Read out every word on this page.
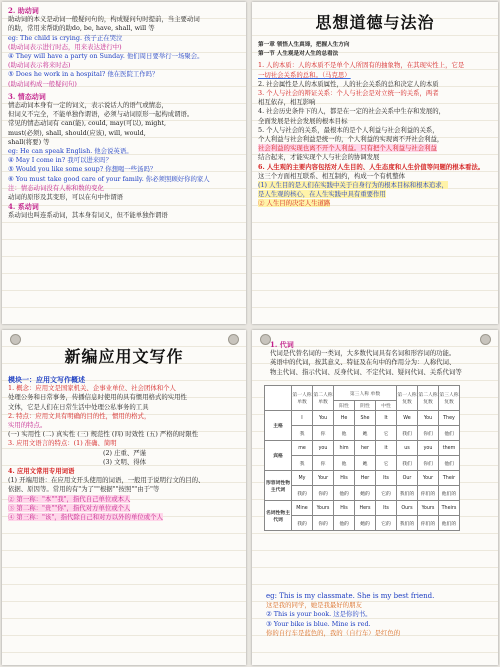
2. 助动词
助动词的本义是动词一般疑问句的，构成疑问句时提前，当主要动词
的助，常用来帮助的助do, be, have, shall, will 等
eg: The child is crying. 孩子正在哭泣
(助动词表示进行时态，用来表达进行中)
④ They will have a party on Sunday. 他们周日要举行一场聚会。
(助动词表示将来时态)
⑤ Does he work in a hospital? 他在医院工作吗？
(助动词构成一般疑问句)
3. 情态动词
情态动词本身有一定的词义，表示说话人的语气或情态，
但词义不完全，不能单独作谓语，必须与动词原形一起构成谓语。
常见的情态动词有 can(能), could, may(可以), might,
must(必须), shall, should(应该), will, would,
shall(将要) 等
eg: He can speak English. 他会说英语。
④ May I come in? 我可以进来吗？
⑤ Would you like some soup? 你想喝一些汤吗？
⑥ You must take good care of your family. 你必须照顾好你的家人
注：情态动词没有人称和数的变化
动词的原形及其变形，可以在句中作谓语
4. 系动词
系动词也叫连系动词，其本身有词义，但不能单独作谓语
思想道德与法治
第一章 领悟人生真谛，把握人生方向
第一节 人生观是对人生的总看法
1. 人的本质：人的本质不是单个人所固有的抽象物，在其现实性上，它是
一切社会关系的总和。（马克思）
2. 社会属性是人的本质属性，人的社会关系的总和决定人的本质
3. 个人与社会的辩证关系：个人与社会是对立统一的关系，两者
相互依存，相互影响
4. 社会历史条件下的人，都是在一定的社会关系中生存和发展的，
全面发展是社会发展的根本目标
5. 个人与社会的关系，最根本的是个人利益与社会利益的关系，
个人利益与社会利益是统一的，个人利益的实现离不开社会利益，
社会利益的实现也离不开个人利益。只有把个人利益与社会利益
结合起来，才能实现个人与社会的协调发展
6. 人生观的主要内容包括对人生目的、人生态度和人生价值等问题的根本看法。
这三个方面相互联系、相互制约，构成一个有机整体
(1) 人生目的是人们在实践中关于自身行为的根本目标和根本追求，
是人生观的核心，在人生实践中具有重要作用
② 人生目的决定人生道路
新编应用文写作
模块一：应用文写作概述
1. 概念：应用文是国家机关、企事业单位、社会团体和个人
处理公务和日常事务，传播信息时使用的具有惯用格式的实用性
文体，它是人们在日常生活中处理公私事务的工具
2. 特点：应用文具有明确的目的性，惯用的格式，
实用的特点。
(一) 实用性 (二) 真实性 (三) 规范性 (四) 时效性 (五) 严格的时限性
3. 应用文语言的特点：(1) 准确、简明
(2) 庄重、严谨
(3) 文明、得体
4. 应用文常用专用词语
(1) 开端用语：在应用文开头使用的词语，一般用于说明行文的目的、
依据、原因等。常用的有"为了""根据""按照""由于"等
② 第一称："本""我"，指代自己单位或本人
③ 第二称："贵""你"，指代对方单位或个人
④ 第三称："该"，指代除自己和对方以外的单位或个人
1. 代词
代词是代替名词的一类词，大多数代词具有名词和形容词的功能。
英语中的代词，按其意义、特征及在句中的作用分为：人称代词、
物主代词、指示代词、反身代词、不定代词、疑问代词、关系代词等
	第一人称 单数	第二人称 单数	第三人称 单数			第一人称 复数	第二人称 复数	第三人称 复数
			阳性	阴性	中性			
主格	I	You	He	She	It	We	You	They
	我	你	他	她	它	我们	你们	他们
宾格	me	you	him	her	it	us	you	them
	我	你	他	她	它	我们	你们	他们
形容词性物主代词	My	Your	His	Her	Its	Our	Your	Their
	我的	你的	他的	她的	它的	我们的	你们的	他们的
名词性物主代词	Mine	Yours	His	Hers	Its	Ours	Yours	Theirs
	我的	你的	他的	她的	它的	我们的	你们的	他们的
eg: This is my classmate. She is my best friend.
这是我的同学，她是我最好的朋友
② This is your book. 这是你的书。
③ Your bike is blue. Mine is red.
你的自行车是蓝色的，我的（自行车）是红色的
